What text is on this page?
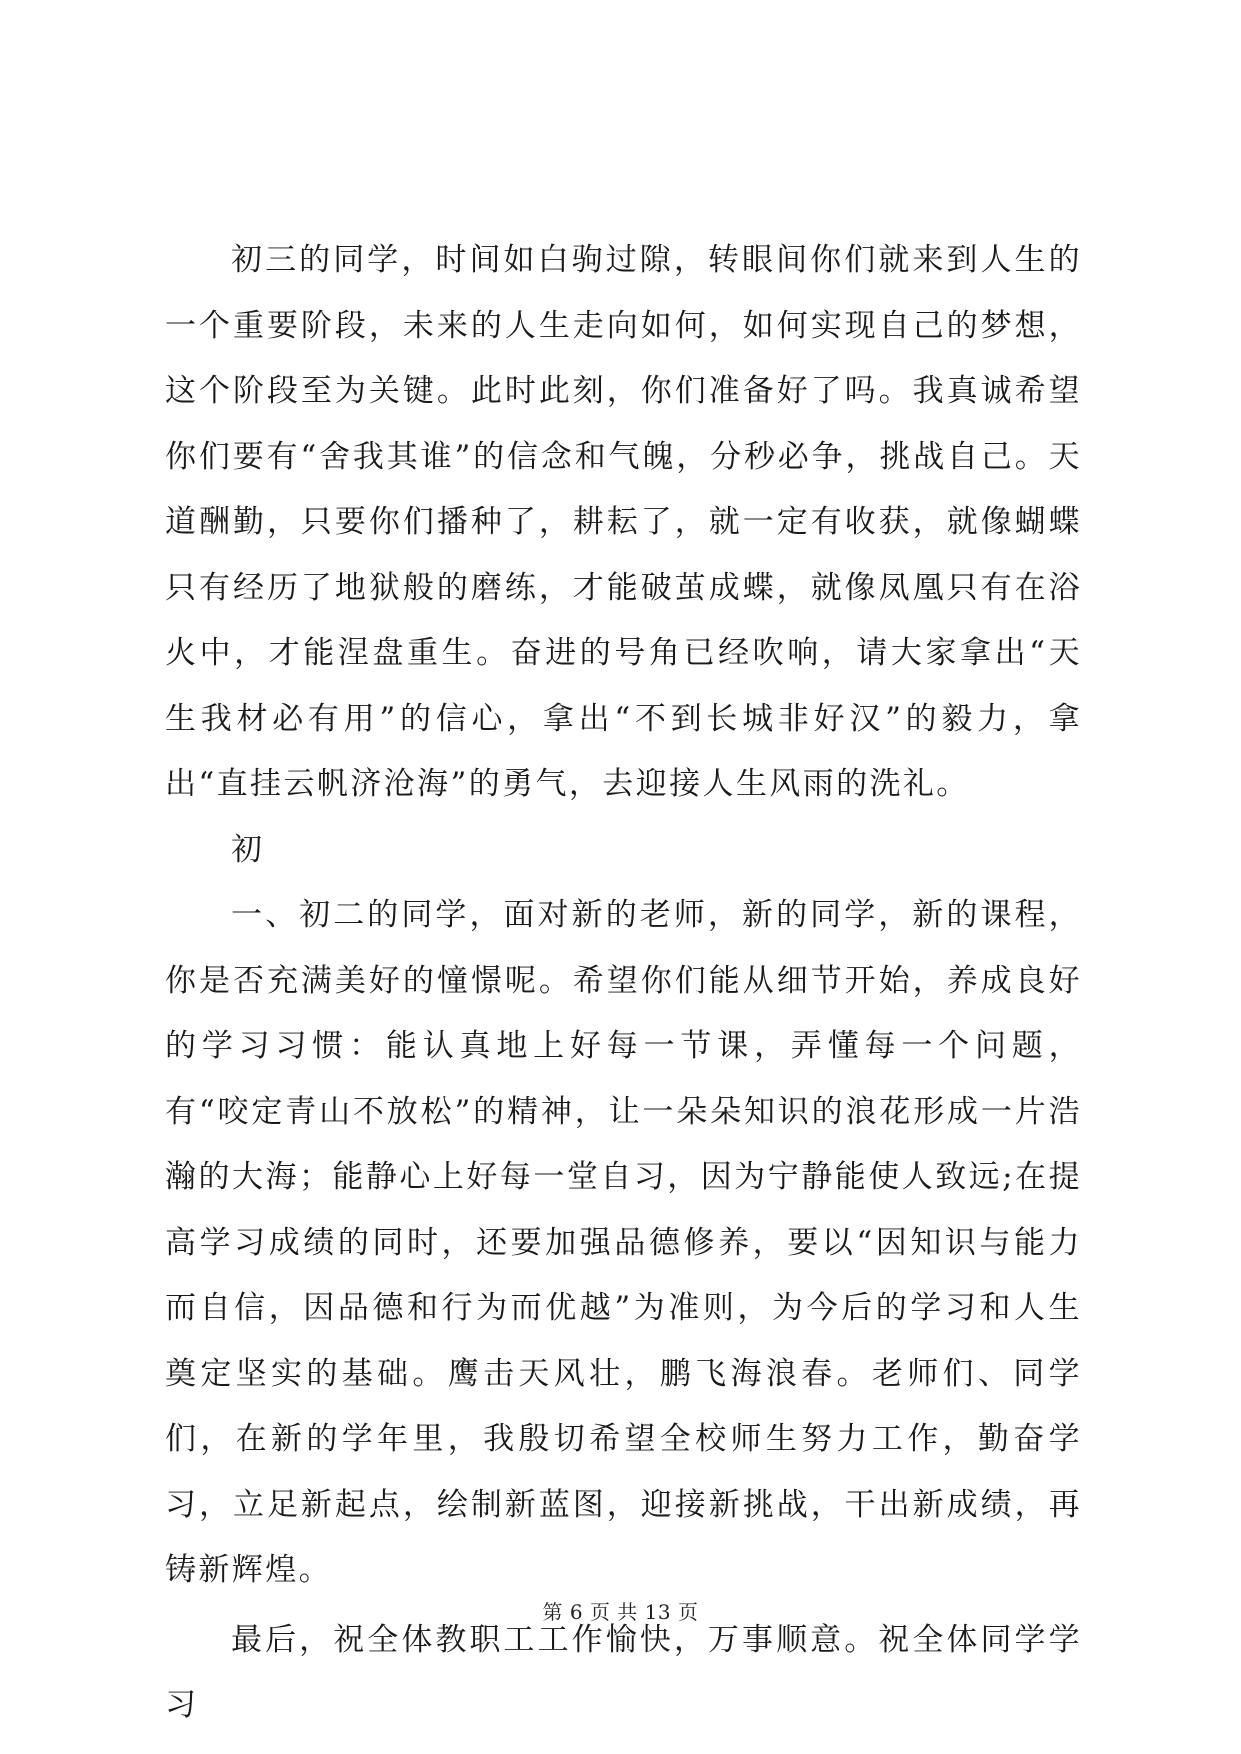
初三的同学，时间如白驹过隙，转眼间你们就来到人生的一个重要阶段，未来的人生走向如何，如何实现自己的梦想，这个阶段至为关键。此时此刻，你们准备好了吗。我真诚希望你们要有“舍我其谁”的信念和气魄，分秒必争，挑战自己。天道酬勤，只要你们播种了，耕耘了，就一定有收获，就像蝴蝶只有经历了地狱般的磨练，才能破茧成蝶，就像凤凰只有在浴火中，才能涅盘重生。奋进的号角已经吹响，请大家拿出“天生我材必有用”的信心，拿出“不到长城非好汉”的毅力，拿出“直挂云帆济沧海”的勇气，去迎接人生风雨的洗礼。

初

一、初二的同学，面对新的老师，新的同学，新的课程，你是否充满美好的憧憬呢。希望你们能从细节开始，养成良好的学习习惯：能认真地上好每一节课，弄懂每一个问题，有“咬定青山不放松”的精神，让一朵朵知识的浪花形成一片浩瀚的大海；能静心上好每一堂自习，因为宁静能使人致远;在提高学习成绩的同时，还要加强品德修养，要以“因知识与能力而自信，因品德和行为而优越”为准则，为今后的学习和人生奠定坚实的基础。鹰击天风壮，鹏飞海浪春。老师们、同学们，在新的学年里，我殷切希望全校师生努力工作，勤奋学习，立足新起点，绘制新蓝图，迎接新挑战，干出新成绩，再铸新辉煌。

最后，祝全体教职工工作愉快，万事顺意。祝全体同学学习

第 6 页 共 13 页
